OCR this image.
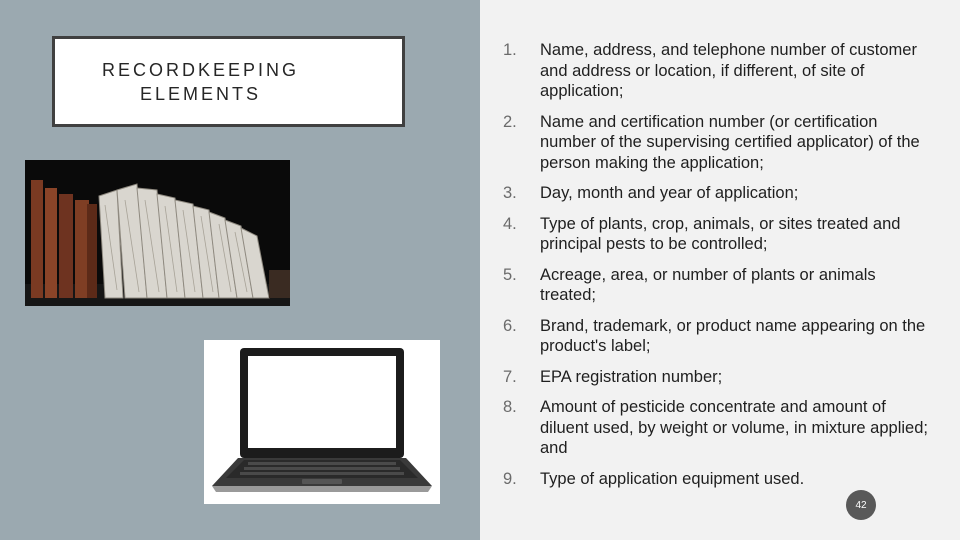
RECORDKEEPING
ELEMENTS
1.	Name, address, and telephone number of customer and address or location, if different, of site of application;
2.	Name and certification number (or certification number of the supervising certified applicator) of the person making the application;
3.	Day, month and year of application;
4.	Type of plants, crop, animals, or sites treated and principal pests to be controlled;
5.	Acreage, area, or number of plants or animals treated;
6.	Brand, trademark, or product name appearing on the product's label;
7.	EPA registration number;
8.	Amount of pesticide concentrate and amount of diluent used, by weight or volume, in mixture applied; and
9.	Type of application equipment used.
42
